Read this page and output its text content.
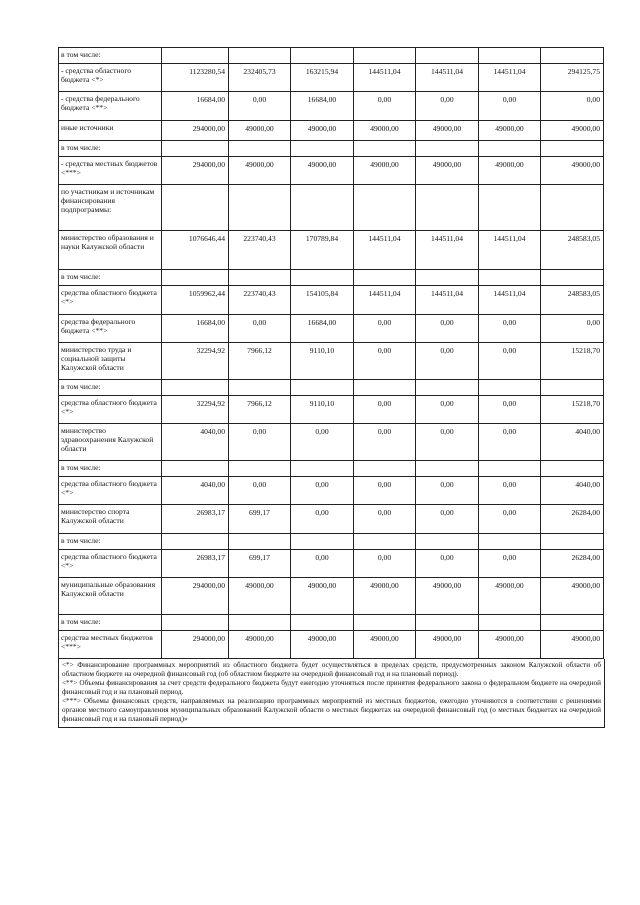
в том числе:								
- средства областного бюджета <*>	1123280,54	232405,73	163215,94	144511,04	144511,04	144511,04	294125,75	
- средства федерального бюджета <**>	16684,00	0,00	16684,00	0,00	0,00	0,00	0,00	
иные источники	294000,00	49000,00	49000,00	49000,00	49000,00	49000,00	49000,00	
в том числе:								
- средства местных бюджетов <***>	294000,00	49000,00	49000,00	49000,00	49000,00	49000,00	49000,00	
по участникам и источникам финансирования подпрограммы:								
министерство образования и науки Калужской области	1076646,44	223740,43	170789,84	144511,04	144511,04	144511,04	248583,05	
в том числе:								
средства областного бюджета <*>	1059962,44	223740,43	154105,84	144511,04	144511,04	144511,04	248583,05	
средства федерального бюджета <**>	16684,00	0,00	16684,00	0,00	0,00	0,00	0,00	
министерство труда и социальной защиты Калужской области	32294,92	7966,12	9110,10	0,00	0,00	0,00	15218,70	
в том числе:								
средства областного бюджета <*>	32294,92	7966,12	9110,10	0,00	0,00	0,00	15218,70	
министерство здравоохранения Калужской области	4040,00	0,00	0,00	0,00	0,00	0,00	4040,00	
в том числе:								
средства областного бюджета <*>	4040,00	0,00	0,00	0,00	0,00	0,00	4040,00	
министерство спорта Калужской области	26983,17	699,17	0,00	0,00	0,00	0,00	26284,00	
в том числе:								
средства областного бюджета <*>	26983,17	699,17	0,00	0,00	0,00	0,00	26284,00	
муниципальные образования Калужской области	294000,00	49000,00	49000,00	49000,00	49000,00	49000,00	49000,00	
в том числе:								
средства местных бюджетов <***>	294000,00	49000,00	49000,00	49000,00	49000,00	49000,00	49000,00	

<*> Финансирование программных мероприятий из областного бюджета будет осуществляться в пределах средств, предусмотренных законом Калужской области об областном бюджете на очередной финансовый год (об областном бюджете на очередной финансовый год и на плановый период).

<**> Объемы финансирования за счет средств федерального бюджета будут ежегодно уточняться после принятия федерального закона о федеральном бюджете на очередной финансовый год и на плановый период.

<***> Объемы финансовых средств, направляемых на реализацию программных мероприятий из местных бюджетов, ежегодно уточняются в соответствии с решениями органов местного самоуправления муниципальных образований Калужской области о местных бюджетах на очередной финансовый год (о местных бюджетах на очередной финансовый год и на плановый период)»
